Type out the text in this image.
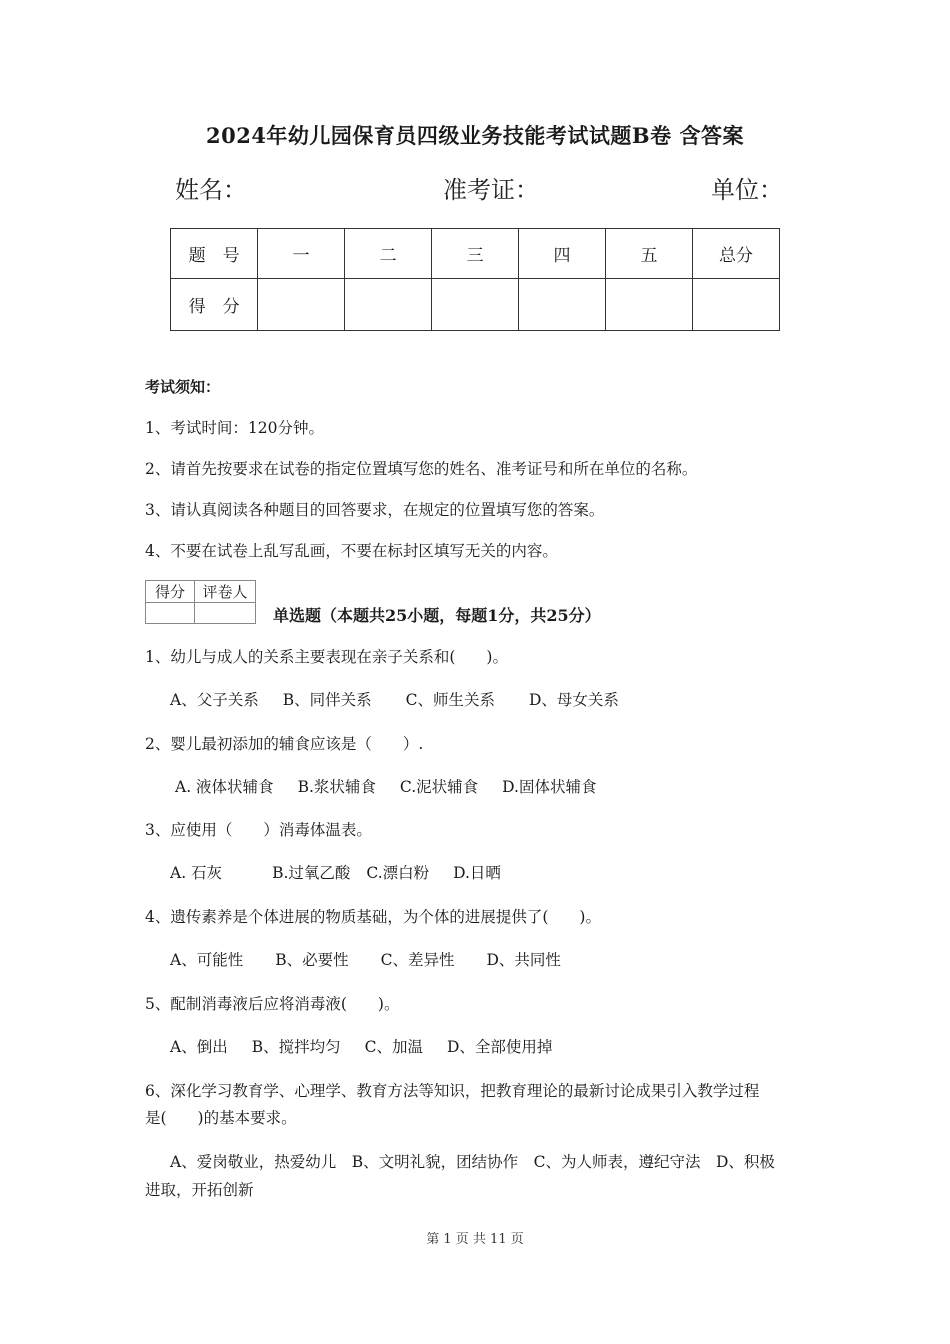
2024年幼儿园保育员四级业务技能考试试题B卷 含答案
姓名：	准考证：	单位：
题　号	一	二	三	四	五	总分
得　分						
考试须知：
1、考试时间：120分钟。
2、请首先按要求在试卷的指定位置填写您的姓名、准考证号和所在单位的名称。
3、请认真阅读各种题目的回答要求，在规定的位置填写您的答案。
4、不要在试卷上乱写乱画，不要在标封区填写无关的内容。
得分	评卷人

单选题（本题共25小题，每题1分，共25分）
1、幼儿与成人的关系主要表现在亲子关系和(　　)。
A、父子关系 B、同伴关系 C、师生关系 D、母女关系
2、婴儿最初添加的辅食应该是（　　）.
A. 液体状辅食 B.浆状辅食 C.泥状辅食 D.固体状辅食
3、应使用（　　）消毒体温表。
A. 石灰	B.过氧乙酸 C.漂白粉 D.日晒
4、遗传素养是个体进展的物质基础，为个体的进展提供了(　　)。
A、可能性 B、必要性 C、差异性 D、共同性
5、配制消毒液后应将消毒液(　　)。
A、倒出 B、搅拌均匀 C、加温 D、全部使用掉
6、深化学习教育学、心理学、教育方法等知识，把教育理论的最新讨论成果引入教学过程
是(　　)的基本要求。
A、爱岗敬业，热爱幼儿　B、文明礼貌，团结协作　C、为人师表，遵纪守法　D、积极
进取，开拓创新
第 1 页 共 11 页
